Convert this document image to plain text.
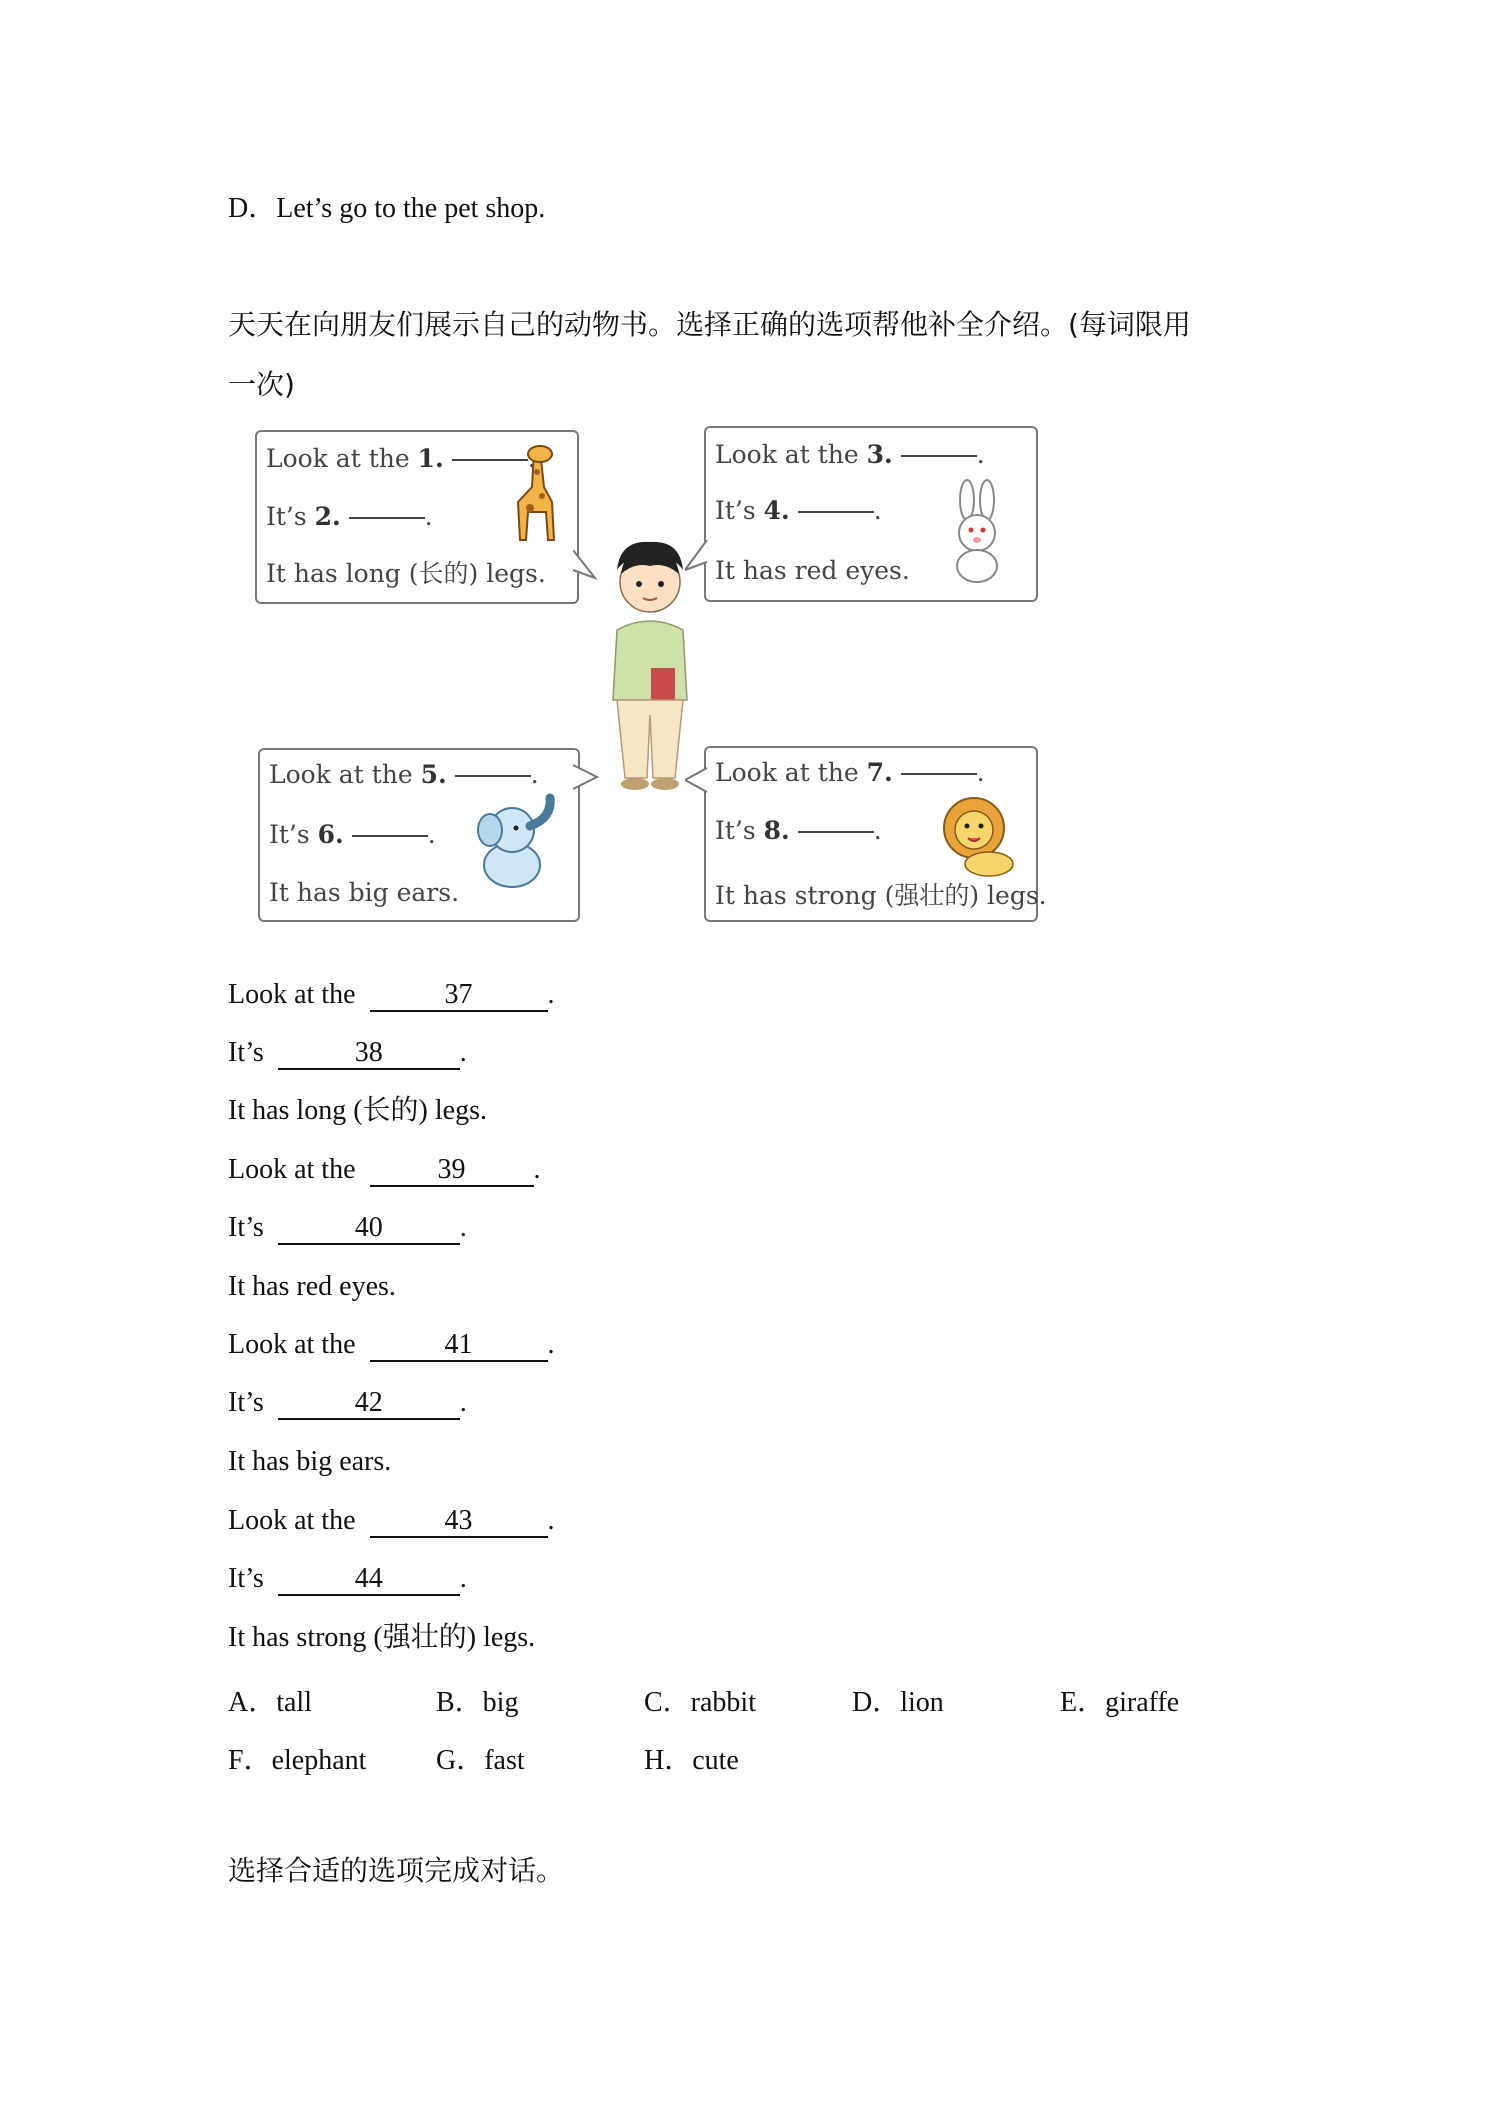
D．Let’s go to the pet shop.
天天在向朋友们展示自己的动物书。选择正确的选项帮他补全介绍。(每词限用
一次)
Look at the 1.
It’s 2.	.
It has long (长的) legs.
Look at the 3.	.
It’s 4.	.
It has red eyes.
Look at the 5.	.
It’s 6.	.
It has big ears.
Look at the 7.	.
It’s 8.	.
It has strong (强壮的) legs.
Look at the	37	.
It’s	38	.
It has long (长的) legs.
Look at the	39 .
It’s	40	.
It has red eyes.
Look at the	41	.
It’s	42	.
It has big ears.
Look at the	43	.
It’s	44	.
It has strong (强壮的) legs.
A．tall	B．big	C．rabbit	D．lion	E．giraffe
F．elephant G．fast	H．cute
选择合适的选项完成对话。
